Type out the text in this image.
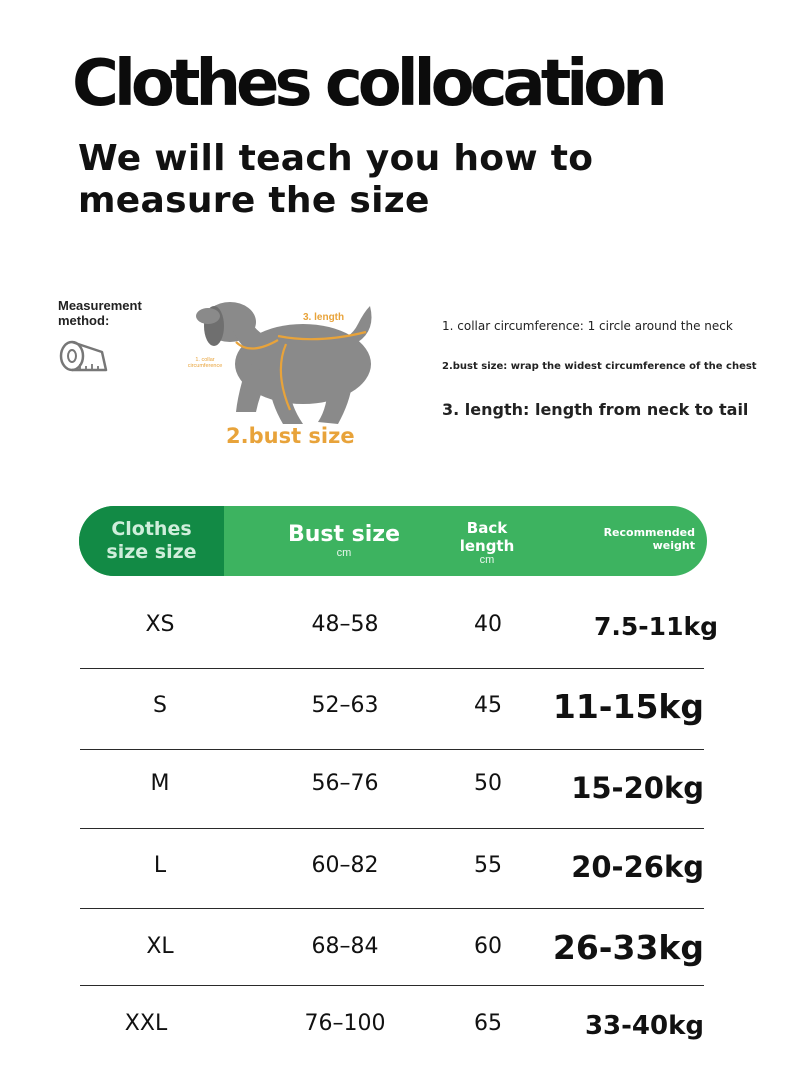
Clothes collocation
We will teach you how to
measure the size
Measurement
method:	3. length
1. collar
circumference
2.bust size
1. collar circumference: 1 circle around the neck
2.bust size: wrap the widest circumference of the chest
3. length: length from neck to tail
Clothes
size size
Bust size
cm
Back
length
cm
Recommended
weight
XS	48–58	40	7.5-11kg
S	52–63	45	11-15kg
M	56–76	50	15-20kg
L	60–82	55	20-26kg
XL	68–84	60	26-33kg
XXL	76–100	65	33-40kg
